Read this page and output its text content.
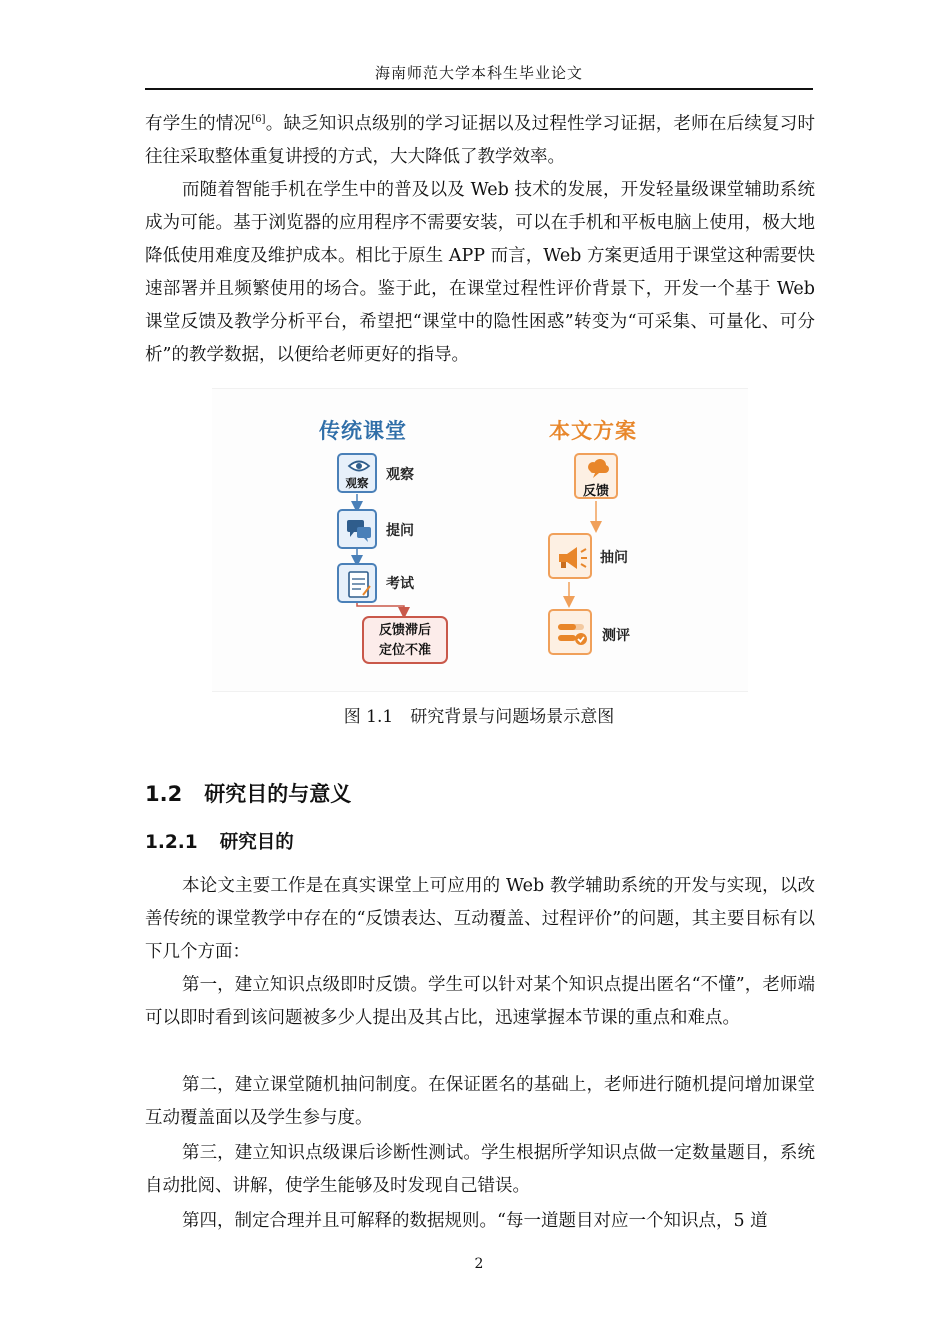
海南师范大学本科生毕业论文

有学生的情况[6]。缺乏知识点级别的学习证据以及过程性学习证据，老师在后续复习时往往采取整体重复讲授的方式，大大降低了教学效率。

而随着智能手机在学生中的普及以及 Web 技术的发展，开发轻量级课堂辅助系统成为可能。基于浏览器的应用程序不需要安装，可以在手机和平板电脑上使用，极大地降低使用难度及维护成本。相比于原生 APP 而言，Web 方案更适用于课堂这种需要快速部署并且频繁使用的场合。鉴于此，在课堂过程性评价背景下，开发一个基于 Web 课堂反馈及教学分析平台，希望把“课堂中的隐性困惑”转变为“可采集、可量化、可分析”的教学数据，以便给老师更好的指导。

传统课堂	本文方案
观察	观察
提问
考试
反馈滞后
定位不准
反馈
抽问
测评
图 1.1　研究背景与问题场景示意图
1.2 研究目的与意义
1.2.1 研究目的

本论文主要工作是在真实课堂上可应用的 Web 教学辅助系统的开发与实现，以改善传统的课堂教学中存在的“反馈表达、互动覆盖、过程评价”的问题，其主要目标有以下几个方面：

第一，建立知识点级即时反馈。学生可以针对某个知识点提出匿名“不懂”，老师端可以即时看到该问题被多少人提出及其占比，迅速掌握本节课的重点和难点。

第二，建立课堂随机抽问制度。在保证匿名的基础上，老师进行随机提问增加课堂互动覆盖面以及学生参与度。

第三，建立知识点级课后诊断性测试。学生根据所学知识点做一定数量题目，系统自动批阅、讲解，使学生能够及时发现自己错误。

第四，制定合理并且可解释的数据规则。“每一道题目对应一个知识点，5 道

2
